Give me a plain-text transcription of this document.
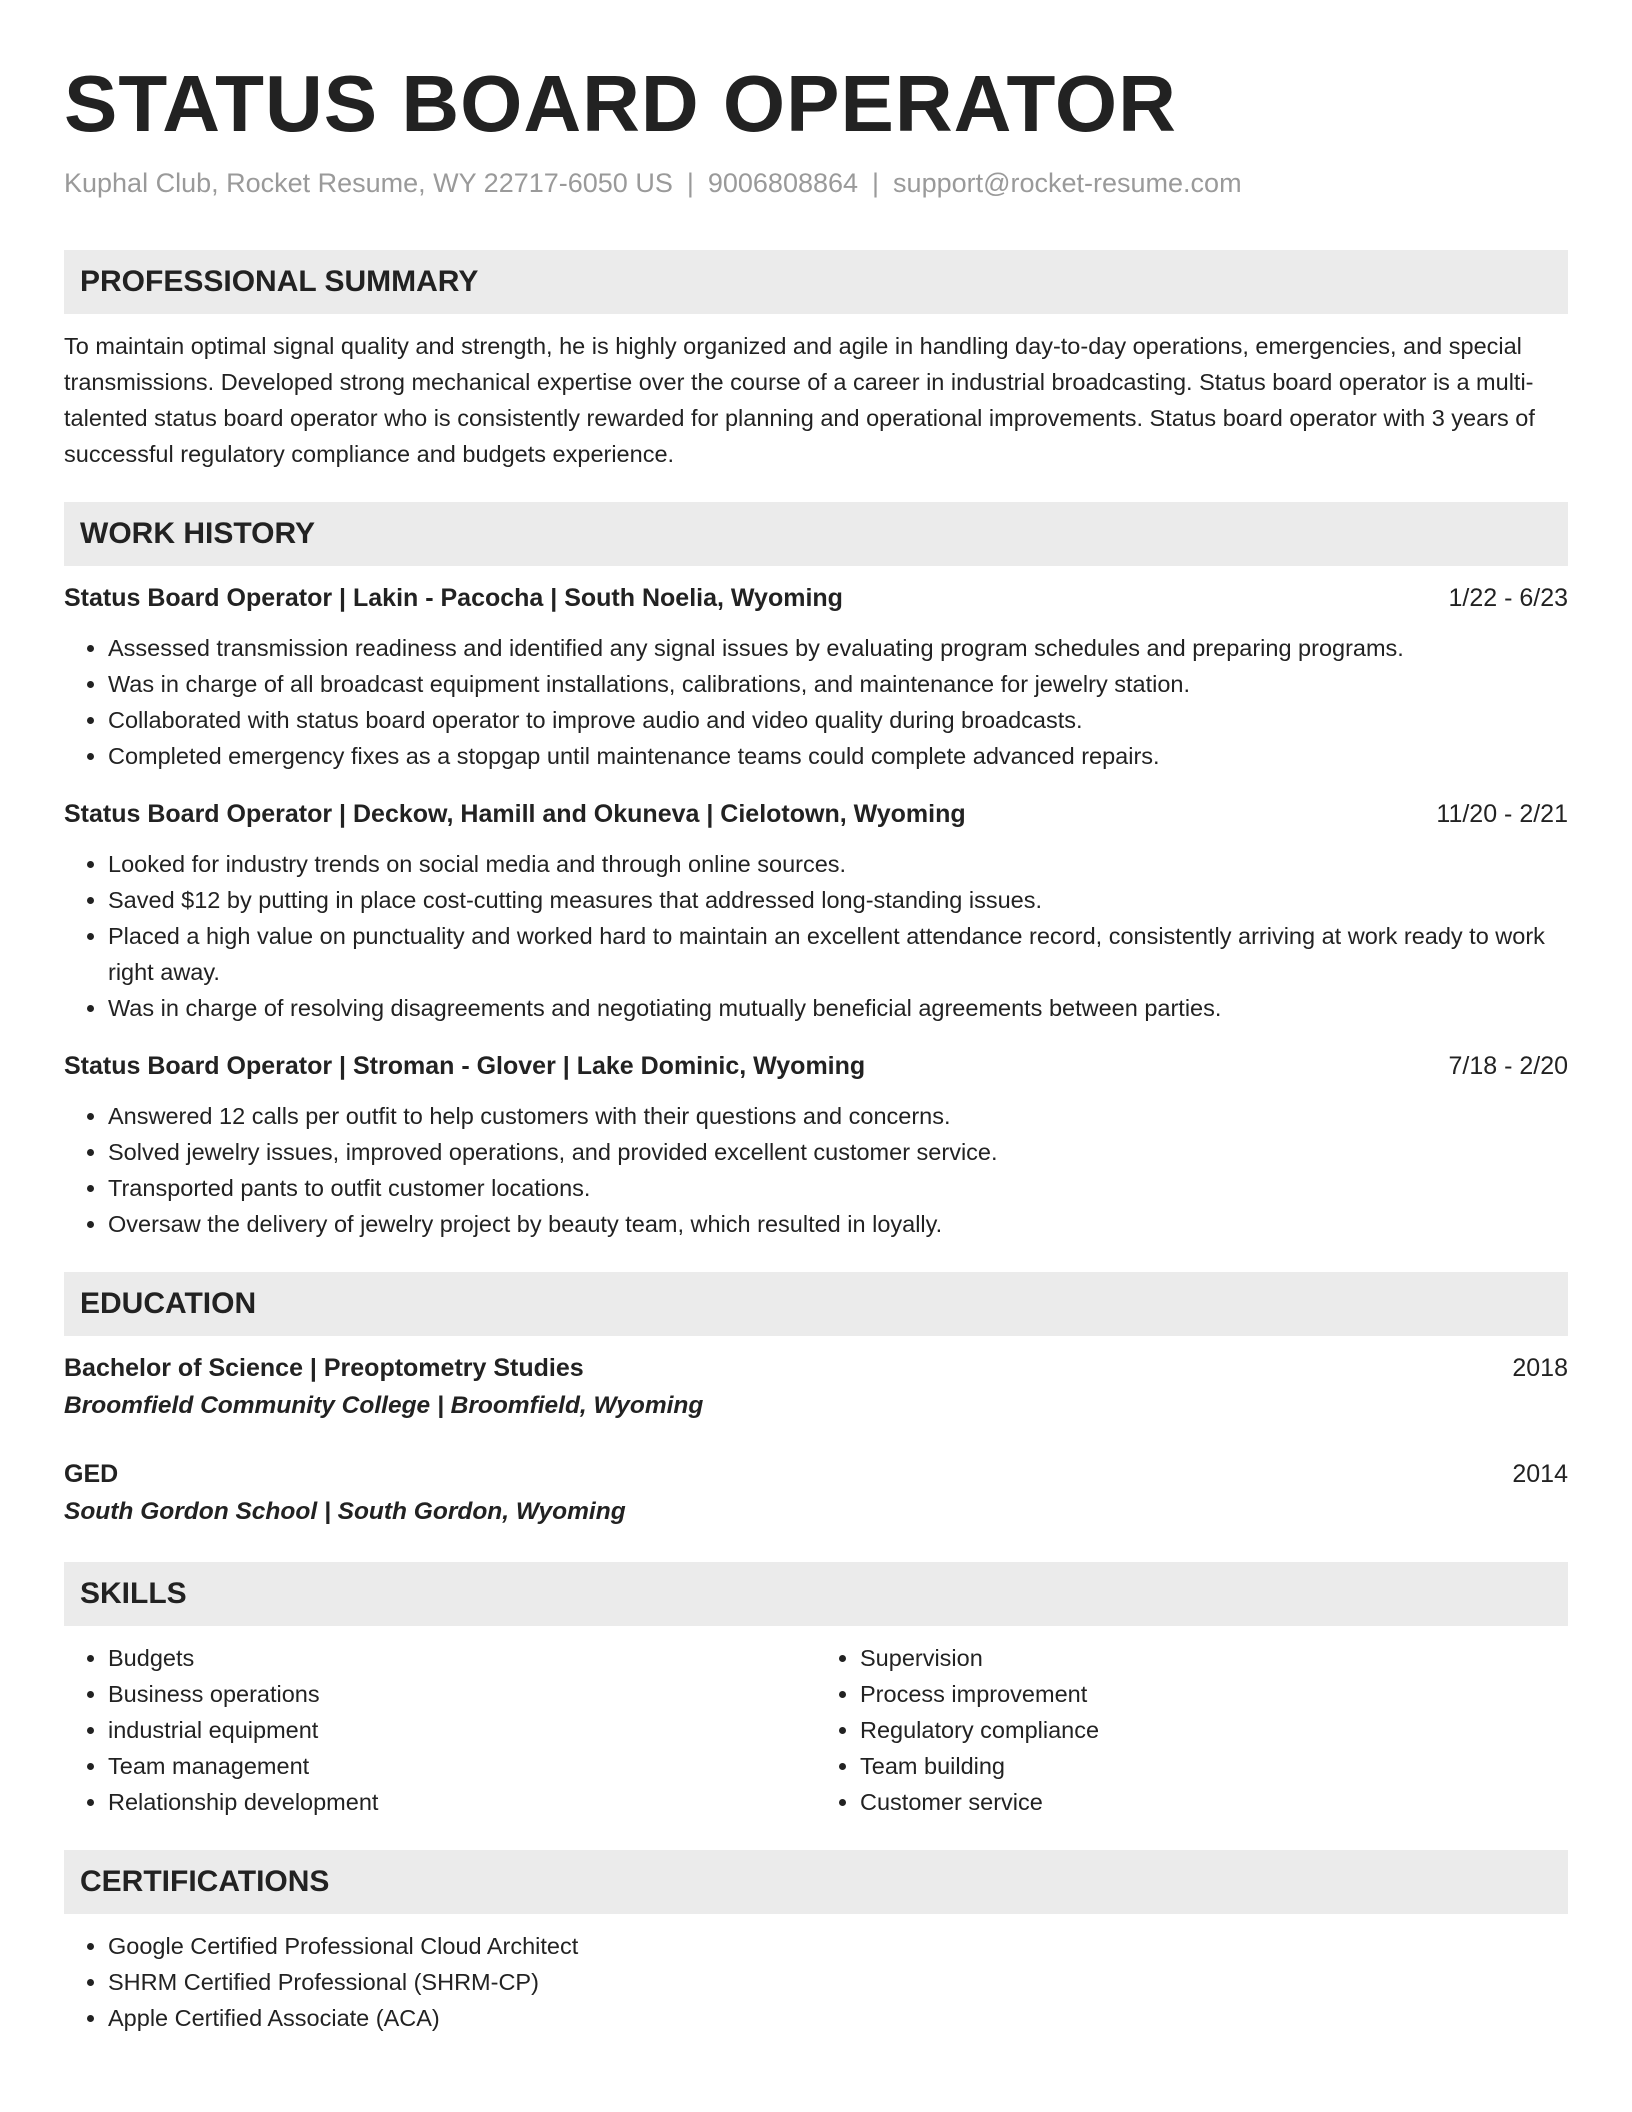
STATUS BOARD OPERATOR
Kuphal Club, Rocket Resume, WY 22717-6050 US | 9006808864 | support@rocket-resume.com
PROFESSIONAL SUMMARY

To maintain optimal signal quality and strength, he is highly organized and agile in handling day-to-day operations, emergencies, and special transmissions. Developed strong mechanical expertise over the course of a career in industrial broadcasting. Status board operator is a multi-talented status board operator who is consistently rewarded for planning and operational improvements. Status board operator with 3 years of successful regulatory compliance and budgets experience.

WORK HISTORY
Status Board Operator | Lakin - Pacocha | South Noelia, Wyoming	1/22 - 6/23
• Assessed transmission readiness and identified any signal issues by evaluating program schedules and preparing programs.
• Was in charge of all broadcast equipment installations, calibrations, and maintenance for jewelry station.
• Collaborated with status board operator to improve audio and video quality during broadcasts.
• Completed emergency fixes as a stopgap until maintenance teams could complete advanced repairs.
Status Board Operator | Deckow, Hamill and Okuneva | Cielotown, Wyoming	11/20 - 2/21
• Looked for industry trends on social media and through online sources.
• Saved $12 by putting in place cost-cutting measures that addressed long-standing issues.
• Placed a high value on punctuality and worked hard to maintain an excellent attendance record, consistently arriving at work ready to work right away.
• Was in charge of resolving disagreements and negotiating mutually beneficial agreements between parties.
Status Board Operator | Stroman - Glover | Lake Dominic, Wyoming	7/18 - 2/20
• Answered 12 calls per outfit to help customers with their questions and concerns.
• Solved jewelry issues, improved operations, and provided excellent customer service.
• Transported pants to outfit customer locations.
• Oversaw the delivery of jewelry project by beauty team, which resulted in loyally.
EDUCATION
Bachelor of Science | Preoptometry Studies	2018
Broomfield Community College | Broomfield, Wyoming
GED	2014
South Gordon School | South Gordon, Wyoming
SKILLS
• Budgets
• Business operations
• industrial equipment
• Team management
• Relationship development
• Supervision
• Process improvement
• Regulatory compliance
• Team building
• Customer service
CERTIFICATIONS
• Google Certified Professional Cloud Architect
• SHRM Certified Professional (SHRM-CP)
• Apple Certified Associate (ACA)
